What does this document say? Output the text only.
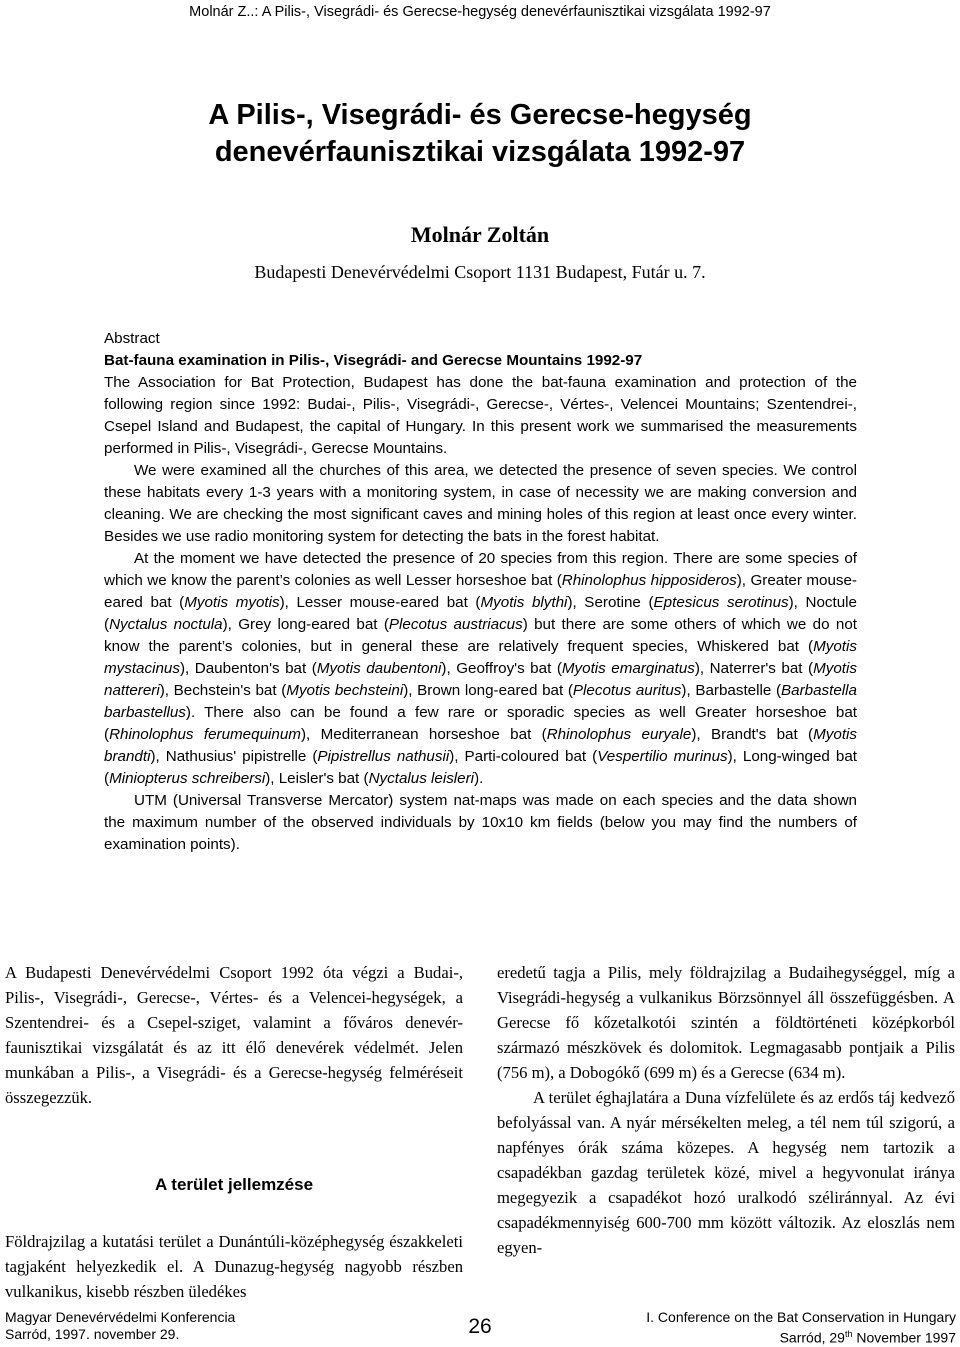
Molnár Z..: A Pilis-, Visegrádi- és Gerecse-hegység denevérfaunisztikai vizsgálata 1992-97
A Pilis-, Visegrádi- és Gerecse-hegység
denevérfaunisztikai vizsgálata 1992-97
Molnár Zoltán
Budapesti Denevérvédelmi Csoport 1131 Budapest, Futár u. 7.

Abstract

Bat-fauna examination in Pilis-, Visegrádi- and Gerecse Mountains 1992-97

The Association for Bat Protection, Budapest has done the bat-fauna examination and protection of the following region since 1992: Budai-, Pilis-, Visegrádi-, Gerecse-, Vértes-, Velencei Mountains; Szentendrei-, Csepel Island and Budapest, the capital of Hungary. In this present work we summarised the measurements performed in Pilis-, Visegrádi-, Gerecse Mountains.

We were examined all the churches of this area, we detected the presence of seven species. We control these habitats every 1-3 years with a monitoring system, in case of necessity we are making conversion and cleaning. We are checking the most significant caves and mining holes of this region at least once every winter. Besides we use radio monitoring system for detecting the bats in the forest habitat.

At the moment we have detected the presence of 20 species from this region. There are some species of which we know the parent’s colonies as well Lesser horseshoe bat (Rhinolophus hipposideros), Greater mouse-eared bat (Myotis myotis), Lesser mouse-eared bat (Myotis blythi), Serotine (Eptesicus serotinus), Noctule (Nyctalus noctula), Grey long-eared bat (Plecotus austriacus) but there are some others of which we do not know the parent’s colonies, but in general these are relatively frequent species, Whiskered bat (Myotis mystacinus), Daubenton's bat (Myotis daubentoni), Geoffroy's bat (Myotis emarginatus), Naterrer's bat (Myotis nattereri), Bechstein's bat (Myotis bechsteini), Brown long-eared bat (Plecotus auritus), Barbastelle (Barbastella barbastellus). There also can be found a few rare or sporadic species as well Greater horseshoe bat (Rhinolophus ferumequinum), Mediterranean horseshoe bat (Rhinolophus euryale), Brandt's bat (Myotis brandti), Nathusius' pipistrelle (Pipistrellus nathusii), Parti-coloured bat (Vespertilio murinus), Long-winged bat (Miniopterus schreibersi), Leisler's bat (Nyctalus leisleri).

UTM (Universal Transverse Mercator) system nat-maps was made on each species and the data shown the maximum number of the observed individuals by 10x10 km fields (below you may find the numbers of examination points).

A Budapesti Denevérvédelmi Csoport 1992 óta végzi a Budai-, Pilis-, Visegrádi-, Gerecse-, Vértes- és a Velencei-hegységek, a Szentendrei- és a Csepel-sziget, valamint a főváros denevér-faunisztikai vizsgálatát és az itt élő denevérek védelmét. Jelen munkában a Pilis-, a Visegrádi- és a Gerecse-hegység felméréseit összegezzük.

A terület jellemzése

Földrajzilag a kutatási terület a Dunántúli-középhegység északkeleti tagjaként helyezkedik el. A Dunazug-hegység nagyobb részben vulkanikus, kisebb részben üledékes

eredetű tagja a Pilis, mely földrajzilag a Budaihegységgel, míg a Visegrádi-hegység a vulkanikus Börzsönnyel áll összefüggésben. A Gerecse fő kőzetalkotói szintén a földtörténeti középkorból származó mészkövek és dolomitok. Legmagasabb pontjaik a Pilis (756 m), a Dobogókő (699 m) és a Gerecse (634 m).

A terület éghajlatára a Duna vízfelülete és az erdős táj kedvező befolyással van. A nyár mérsékelten meleg, a tél nem túl szigorú, a napfényes órák száma közepes. A hegység nem tartozik a csapadékban gazdag területek közé, mivel a hegyvonulat iránya megegyezik a csapadékot hozó uralkodó széliránnyal. Az évi csapadékmennyiség 600-700 mm között változik. Az eloszlás nem egyen-

Magyar Denevérvédelmi Konferencia
Sarród, 1997. november 29.	26	I. Conference on the Bat Conservation in Hungary
Sarród, 29th November 1997
